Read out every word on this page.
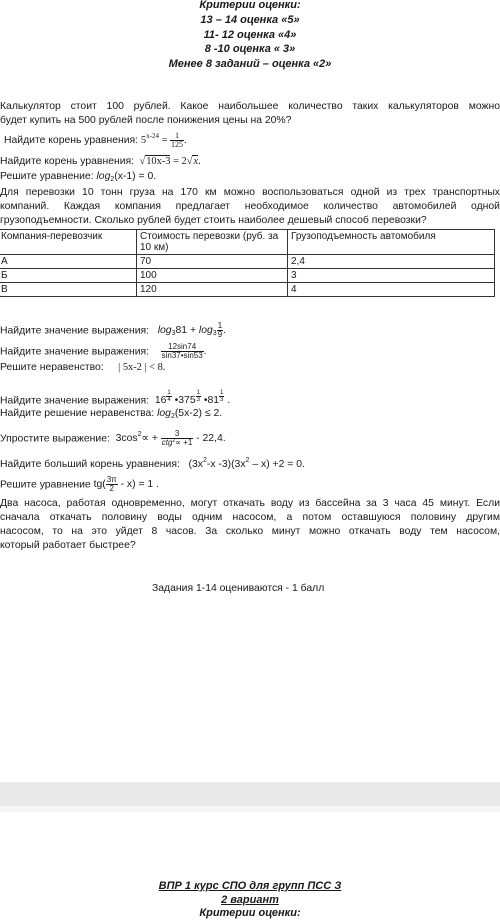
Критерии оценки:
13 – 14 оценка «5»
11- 12 оценка «4»
8 -10 оценка « 3»
Менее 8 заданий – оценка «2»
Калькулятор стоит 100 рублей. Какое наибольшее количество таких калькуляторов можно
будет купить на 500 рублей после понижения цены на 20%?
Найдите корень уравнения: $5^{x-24} = \frac{1}{125}$ .
Найдите корень уравнения:  √10x-3 = 2√x.
Решите уравнение: $\log_2(x-1) = 0$.
Для перевозки 10 тонн груза на 170 км можно воспользоваться одной из трех транспортных
компаний. Каждая компания предлагает необходимое количество автомобилей одной
грузоподъемности. Сколько рублей будет стоить наиболее дешевый способ перевозки?
Компания-перевозчик	Стоимость перевозки (руб. за 10 км)	Грузоподъемность автомобиля
А	70	2,4
Б	100	3
В	120	4
Найдите значение выражения: $\log_381 + \log_3 \frac{1}{9}$ .
Найдите значение выражения: $\frac{12\sin 74}{\sin 37•\sin 53}$ .
Решите неравенство: | 5x-2 | < 8.
Найдите значение выражения: 16 $^{\frac{1}{4}}$ •375 $^{\frac{1}{3}}$ •81 $^{\frac{1}{3}}$ .
Найдите решение неравенства: $\log_2(5x-2) \le 2$.
Упростите выражение: $3\cos^2\propto + \frac{3}{ctg^2\propto +1} - 22,4$.
Найдите больший корень уравнения: ($3x^2-x$ $-3)(3x^2 - x) +2 = 0$.
Решите уравнение $tg( \frac{3\pi}{2} - x) = 1$ .
Два насоса, работая одновременно, могут откачать воду из бассейна за 3 часа 45 минут. Если
сначала откачать половину воды одним насосом, а потом оставшуюся половину другим
насосом, то на это уйдет 8 часов. За сколько минут можно откачать воду тем насосом,
который работает быстрее?
Задания 1-14 оцениваются - 1 балл
ВПР 1 курс СПО для групп ПСС З
2 вариант
Критерии оценки:
